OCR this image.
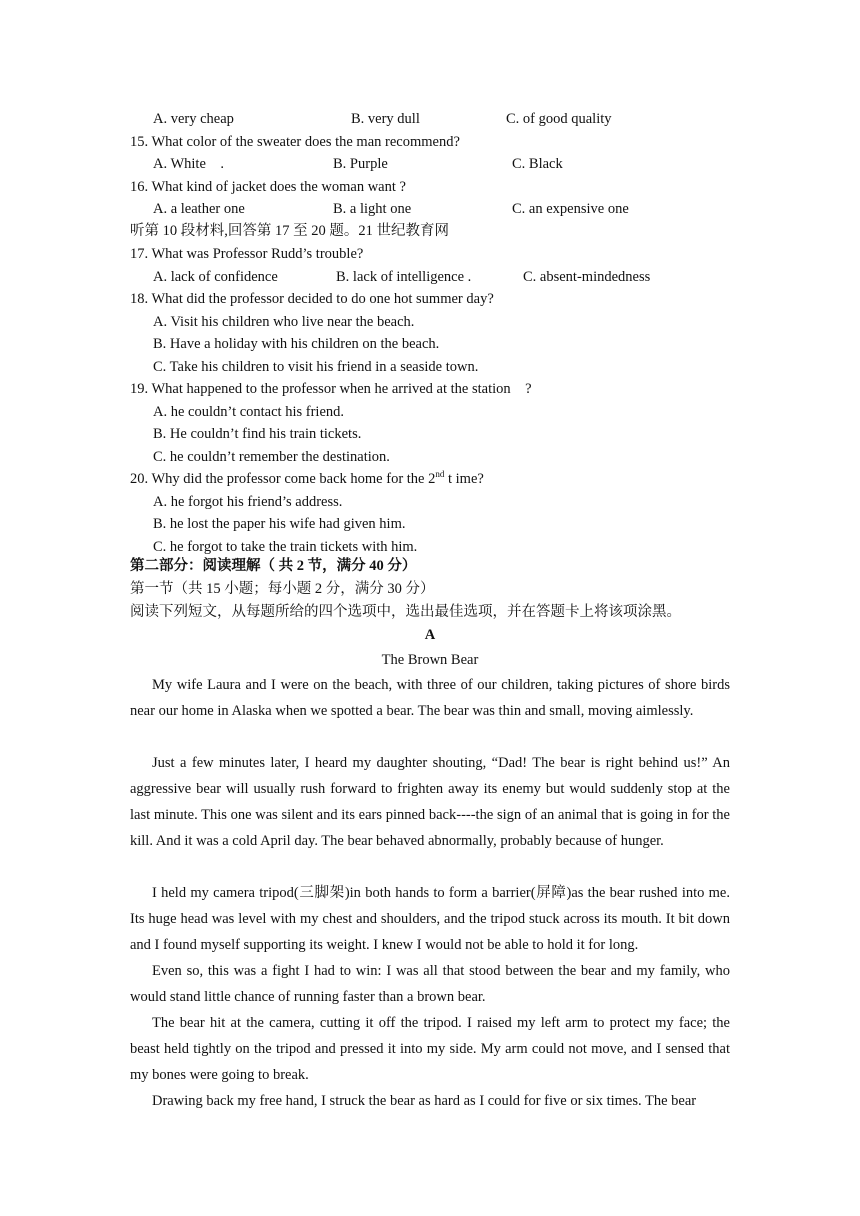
A. very cheap	B. very dull	C. of good quality
15. What color of the sweater does the man recommend?
A. White　.	B. Purple	C. Black
16. What kind of jacket does the woman want ?
A. a leather one	B. a light one	C. an expensive one
听第 10 段材料,回答第 17 至 20 题。21 世纪教育网
17. What was Professor Rudd’s trouble?
A. lack of confidence	B. lack of intelligence .	C. absent-mindedness
18. What did the professor decided to do one hot summer day?
A. Visit his children who live near the beach.
B. Have a holiday with his children on the beach.
C. Take his children to visit his friend in a seaside town.
19. What happened to the professor when he arrived at the station　?
A. he couldn’t contact his friend.
B. He couldn’t find his train tickets.
C. he couldn’t remember the destination.
20. Why did the professor come back home for the 2nd t ime?
A. he forgot his friend’s address.
B. he lost the paper his wife had given him.
C. he forgot to take the train tickets with him.
第二部分：阅读理解（ 共 2 节，满分 40 分）
第一节（共 15 小题；每小题 2 分，满分 30 分）
阅读下列短文，从每题所给的四个选项中，选出最佳选项，并在答题卡上将该项涂黑。
A
The Brown Bear
My wife Laura and I were on the beach, with three of our children, taking pictures of shore birds near our home in Alaska when we spotted a bear. The bear was thin and small, moving aimlessly.
Just a few minutes later, I heard my daughter shouting, “Dad! The bear is right behind us!” An aggressive bear will usually rush forward to frighten away its enemy but would suddenly stop at the last minute. This one was silent and its ears pinned back----the sign of an animal that is going in for the kill. And it was a cold April day. The bear behaved abnormally, probably because of hunger.
I held my camera tripod(三脚架)in both hands to form a barrier(屏障)as the bear rushed into me. Its huge head was level with my chest and shoulders, and the tripod stuck across its mouth. It bit down and I found myself supporting its weight. I knew I would not be able to hold it for long.
Even so, this was a fight I had to win: I was all that stood between the bear and my family, who would stand little chance of running faster than a brown bear.
The bear hit at the camera, cutting it off the tripod. I raised my left arm to protect my face; the beast held tightly on the tripod and pressed it into my side. My arm could not move, and I sensed that my bones were going to break.
Drawing back my free hand, I struck the bear as hard as I could for five or six times. The bear
